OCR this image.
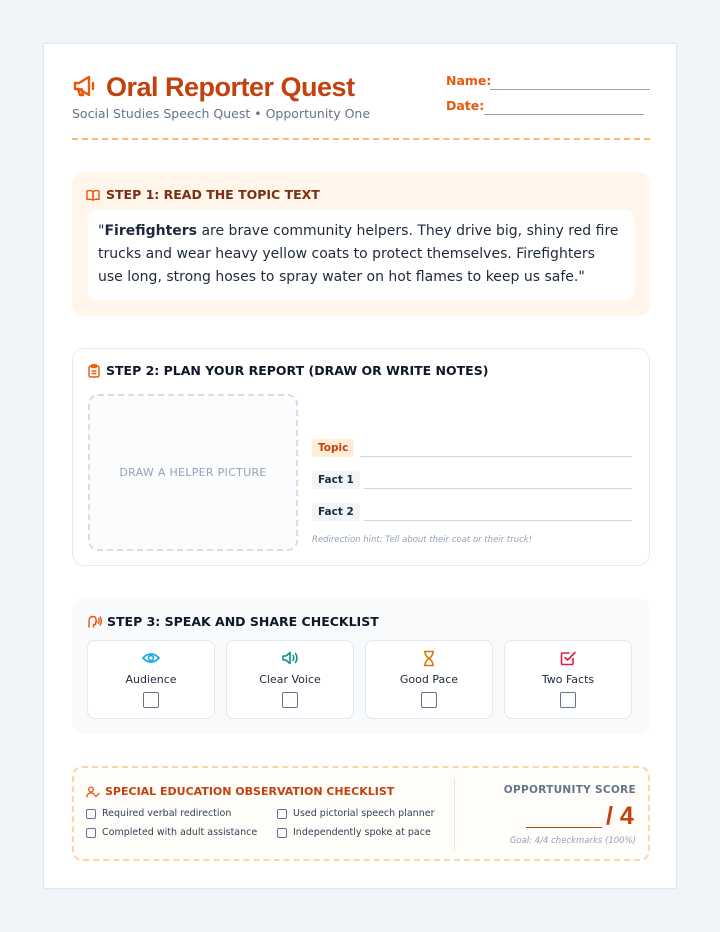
Oral Reporter Quest
Social Studies Speech Quest • Opportunity One
Name:
Date:
STEP 1: READ THE TOPIC TEXT
"Firefighters are brave community helpers. They drive big, shiny red fire trucks and wear heavy yellow coats to protect themselves. Firefighters use long, strong hoses to spray water on hot flames to keep us safe."
STEP 2: PLAN YOUR REPORT (DRAW OR WRITE NOTES)
DRAW A HELPER PICTURE
Topic
Fact 1
Fact 2
Redirection hint: Tell about their coat or their truck!
STEP 3: SPEAK AND SHARE CHECKLIST
Audience	Clear Voice	Good Pace	Two Facts
SPECIAL EDUCATION OBSERVATION CHECKLIST
Required verbal redirection	Used pictorial speech planner
Completed with adult assistance	Independently spoke at pace
OPPORTUNITY SCORE
/ 4
Goal: 4/4 checkmarks (100%)
